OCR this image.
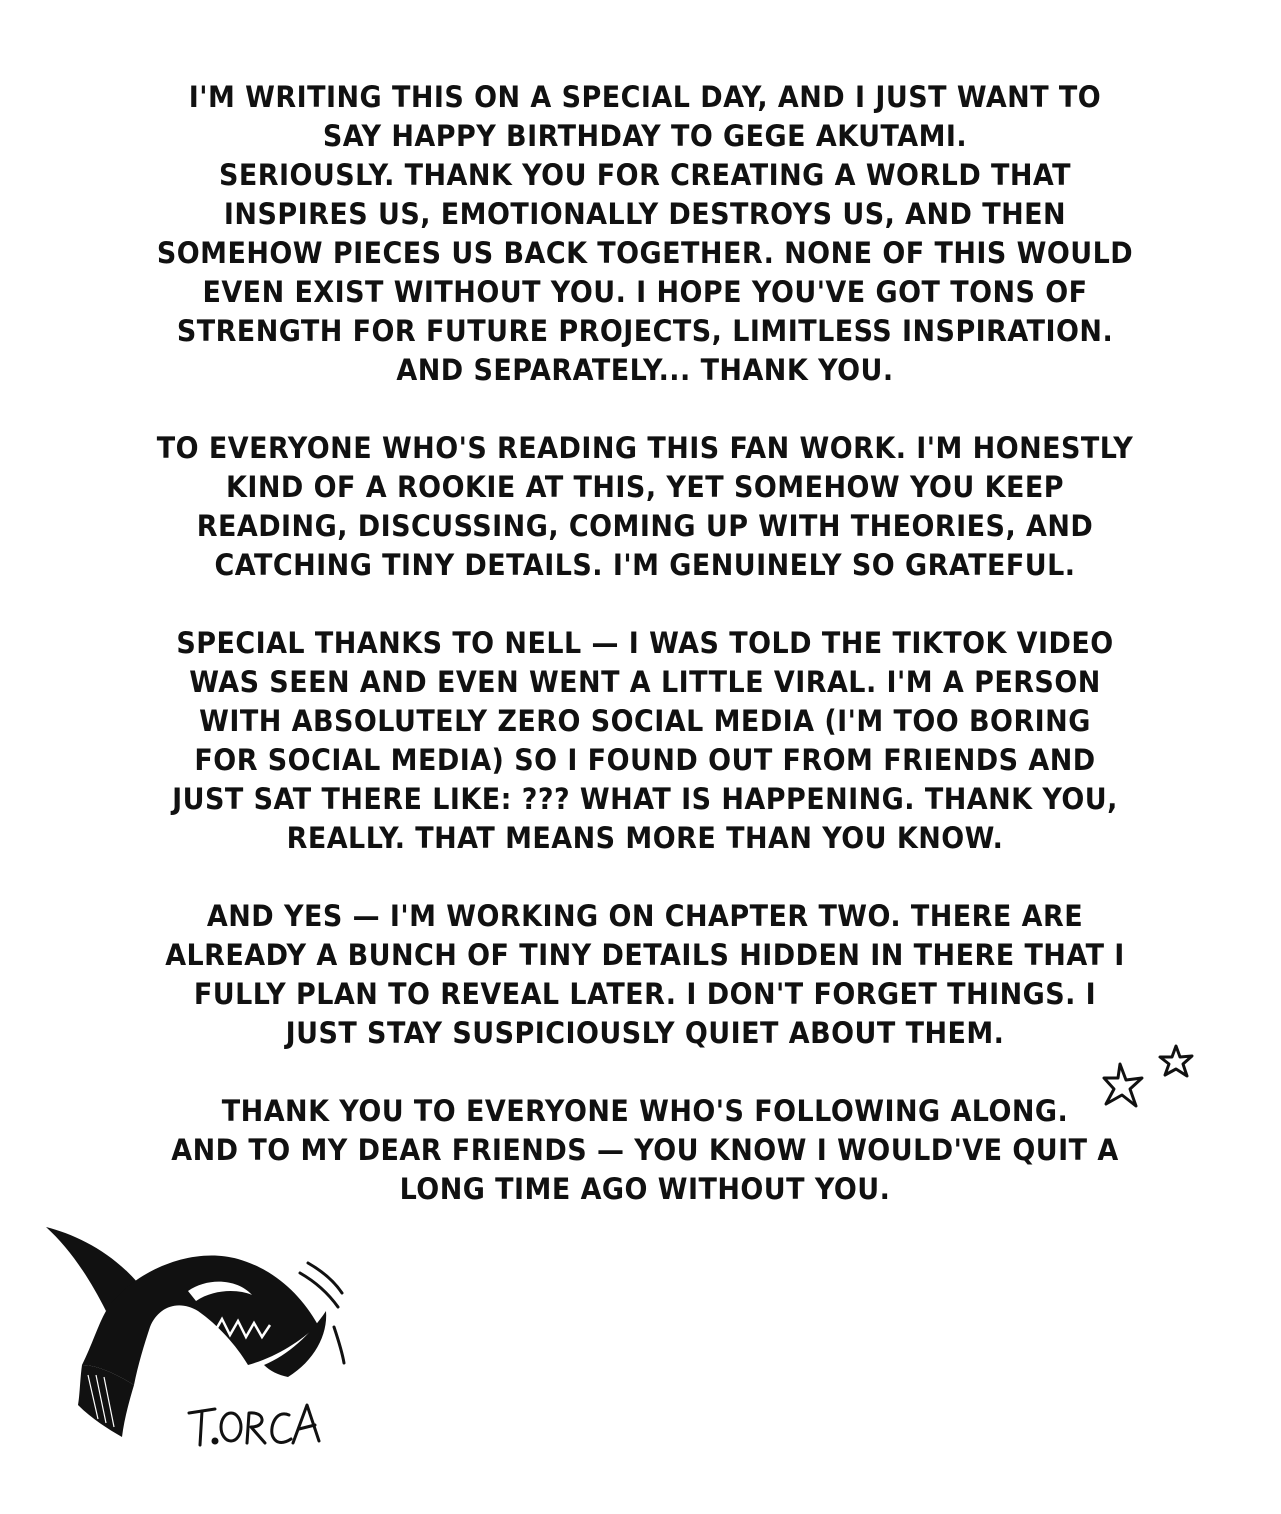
I'M WRITING THIS ON A SPECIAL DAY, AND I JUST WANT TO
SAY HAPPY BIRTHDAY TO GEGE AKUTAMI.
SERIOUSLY. THANK YOU FOR CREATING A WORLD THAT
INSPIRES US, EMOTIONALLY DESTROYS US, AND THEN
SOMEHOW PIECES US BACK TOGETHER. NONE OF THIS WOULD
EVEN EXIST WITHOUT YOU. I HOPE YOU'VE GOT TONS OF
STRENGTH FOR FUTURE PROJECTS, LIMITLESS INSPIRATION.
AND SEPARATELY... THANK YOU.
TO EVERYONE WHO'S READING THIS FAN WORK. I'M HONESTLY
KIND OF A ROOKIE AT THIS, YET SOMEHOW YOU KEEP
READING, DISCUSSING, COMING UP WITH THEORIES, AND
CATCHING TINY DETAILS. I'M GENUINELY SO GRATEFUL.
SPECIAL THANKS TO NELL — I WAS TOLD THE TIKTOK VIDEO
WAS SEEN AND EVEN WENT A LITTLE VIRAL. I'M A PERSON
WITH ABSOLUTELY ZERO SOCIAL MEDIA (I'M TOO BORING
FOR SOCIAL MEDIA) SO I FOUND OUT FROM FRIENDS AND
JUST SAT THERE LIKE: ??? WHAT IS HAPPENING. THANK YOU,
REALLY. THAT MEANS MORE THAN YOU KNOW.
AND YES — I'M WORKING ON CHAPTER TWO. THERE ARE
ALREADY A BUNCH OF TINY DETAILS HIDDEN IN THERE THAT I
FULLY PLAN TO REVEAL LATER. I DON'T FORGET THINGS. I
JUST STAY SUSPICIOUSLY QUIET ABOUT THEM.
THANK YOU TO EVERYONE WHO'S FOLLOWING ALONG.
AND TO MY DEAR FRIENDS — YOU KNOW I WOULD'VE QUIT A
LONG TIME AGO WITHOUT YOU.
